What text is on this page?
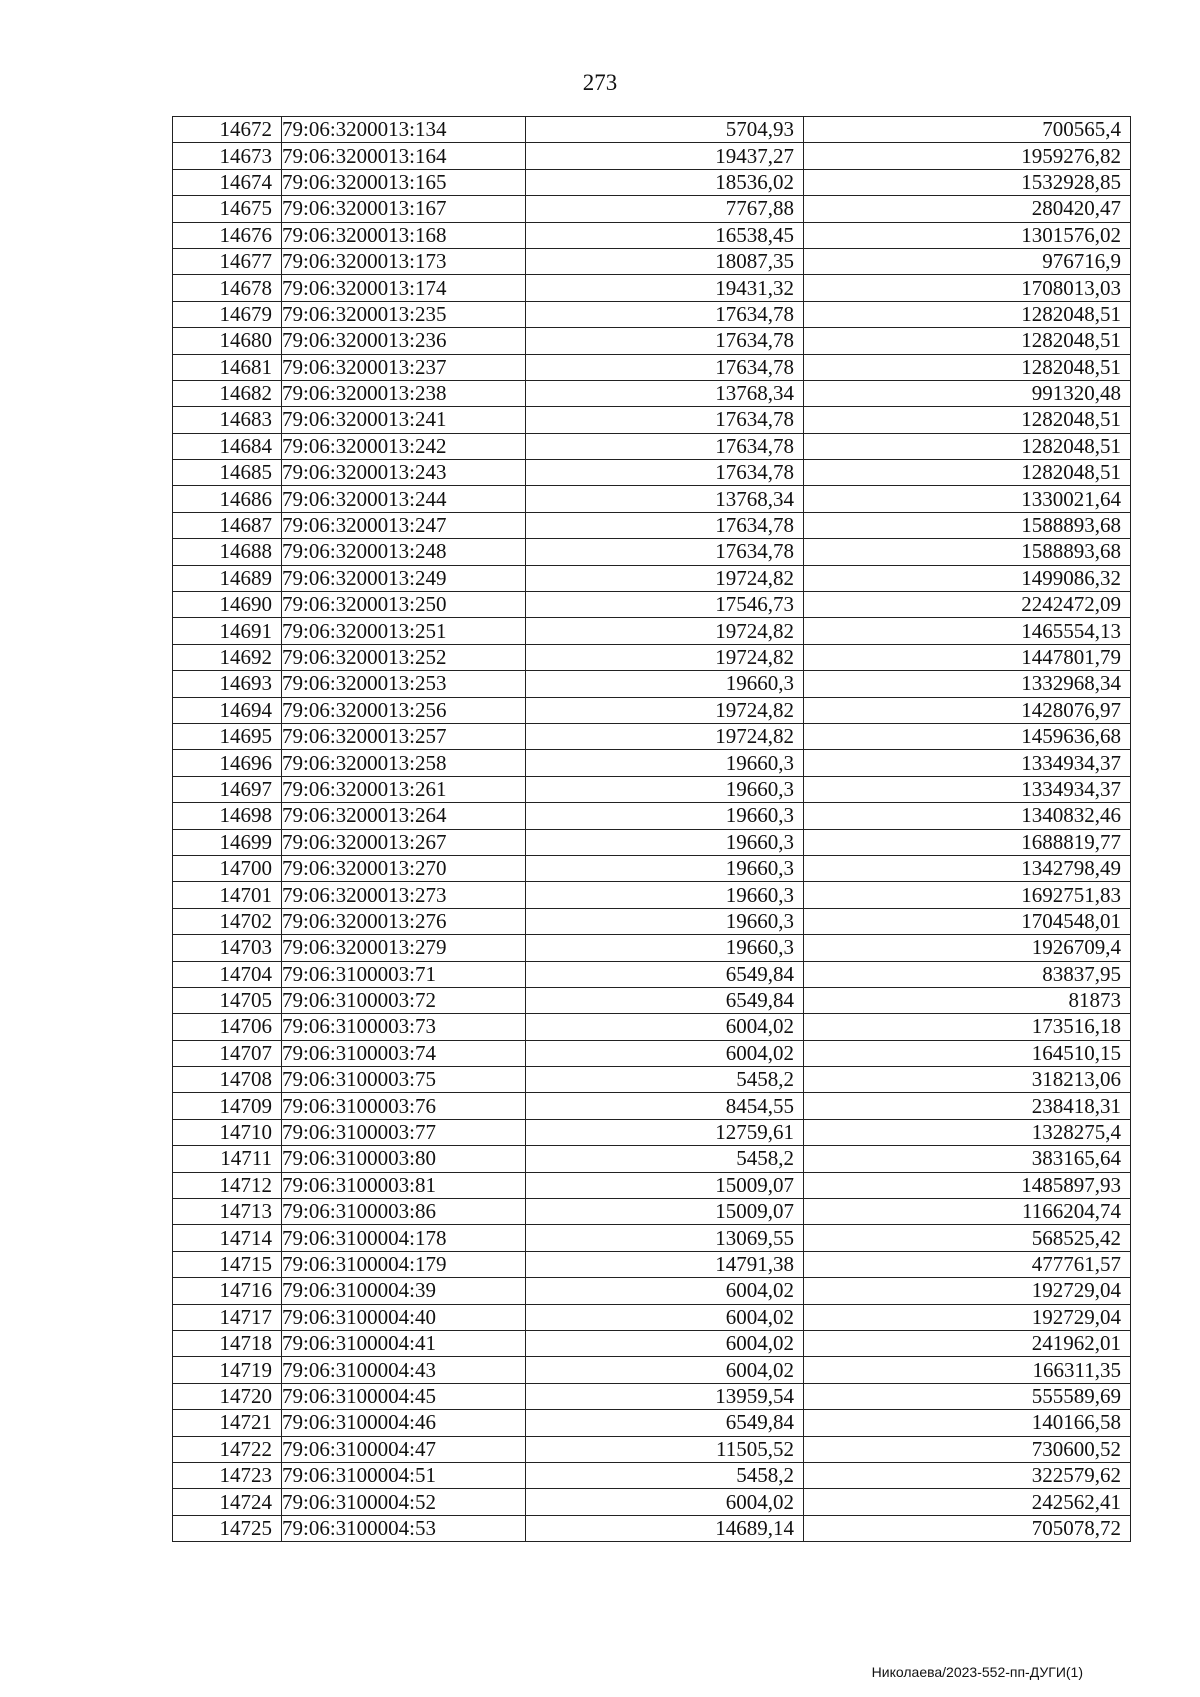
273
14672	79:06:3200013:134	5704,93	700565,4
14673	79:06:3200013:164	19437,27	1959276,82
14674	79:06:3200013:165	18536,02	1532928,85
14675	79:06:3200013:167	7767,88	280420,47
14676	79:06:3200013:168	16538,45	1301576,02
14677	79:06:3200013:173	18087,35	976716,9
14678	79:06:3200013:174	19431,32	1708013,03
14679	79:06:3200013:235	17634,78	1282048,51
14680	79:06:3200013:236	17634,78	1282048,51
14681	79:06:3200013:237	17634,78	1282048,51
14682	79:06:3200013:238	13768,34	991320,48
14683	79:06:3200013:241	17634,78	1282048,51
14684	79:06:3200013:242	17634,78	1282048,51
14685	79:06:3200013:243	17634,78	1282048,51
14686	79:06:3200013:244	13768,34	1330021,64
14687	79:06:3200013:247	17634,78	1588893,68
14688	79:06:3200013:248	17634,78	1588893,68
14689	79:06:3200013:249	19724,82	1499086,32
14690	79:06:3200013:250	17546,73	2242472,09
14691	79:06:3200013:251	19724,82	1465554,13
14692	79:06:3200013:252	19724,82	1447801,79
14693	79:06:3200013:253	19660,3	1332968,34
14694	79:06:3200013:256	19724,82	1428076,97
14695	79:06:3200013:257	19724,82	1459636,68
14696	79:06:3200013:258	19660,3	1334934,37
14697	79:06:3200013:261	19660,3	1334934,37
14698	79:06:3200013:264	19660,3	1340832,46
14699	79:06:3200013:267	19660,3	1688819,77
14700	79:06:3200013:270	19660,3	1342798,49
14701	79:06:3200013:273	19660,3	1692751,83
14702	79:06:3200013:276	19660,3	1704548,01
14703	79:06:3200013:279	19660,3	1926709,4
14704	79:06:3100003:71	6549,84	83837,95
14705	79:06:3100003:72	6549,84	81873
14706	79:06:3100003:73	6004,02	173516,18
14707	79:06:3100003:74	6004,02	164510,15
14708	79:06:3100003:75	5458,2	318213,06
14709	79:06:3100003:76	8454,55	238418,31
14710	79:06:3100003:77	12759,61	1328275,4
14711	79:06:3100003:80	5458,2	383165,64
14712	79:06:3100003:81	15009,07	1485897,93
14713	79:06:3100003:86	15009,07	1166204,74
14714	79:06:3100004:178	13069,55	568525,42
14715	79:06:3100004:179	14791,38	477761,57
14716	79:06:3100004:39	6004,02	192729,04
14717	79:06:3100004:40	6004,02	192729,04
14718	79:06:3100004:41	6004,02	241962,01
14719	79:06:3100004:43	6004,02	166311,35
14720	79:06:3100004:45	13959,54	555589,69
14721	79:06:3100004:46	6549,84	140166,58
14722	79:06:3100004:47	11505,52	730600,52
14723	79:06:3100004:51	5458,2	322579,62
14724	79:06:3100004:52	6004,02	242562,41
14725	79:06:3100004:53	14689,14	705078,72
Николаева/2023-552-пп-ДУГИ(1)
